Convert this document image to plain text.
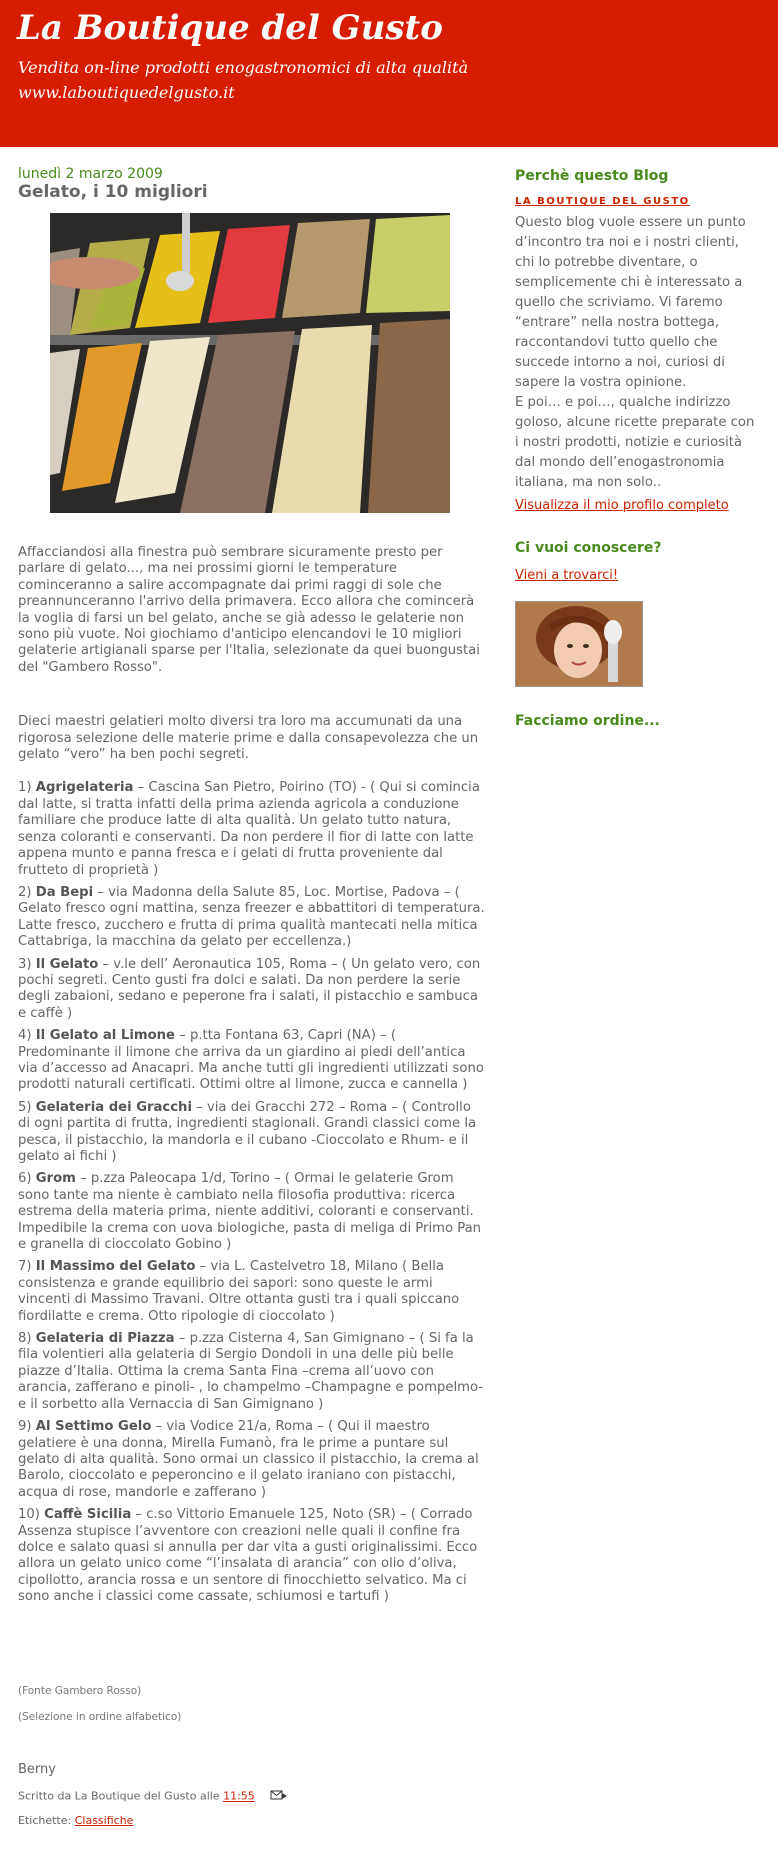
La Boutique del Gusto

Vendita on-line prodotti enogastronomici di alta qualità

www.laboutiquedelgusto.it

lunedì 2 marzo 2009

Gelato, i 10 migliori

Affacciandosi alla finestra può sembrare sicuramente presto per parlare di gelato..., ma nei prossimi giorni le temperature cominceranno a salire accompagnate dai primi raggi di sole che preannunceranno l'arrivo della primavera. Ecco allora che comincerà la voglia di farsi un bel gelato, anche se già adesso le gelaterie non sono più vuote. Noi giochiamo d'anticipo elencandovi le 10 migliori gelaterie artigianali sparse per l'Italia, selezionate da quei buongustai del "Gambero Rosso".

Dieci maestri gelatieri molto diversi tra loro ma accumunati da una rigorosa selezione delle materie prime e dalla consapevolezza che un gelato “vero” ha ben pochi segreti.

1) Agrigelateria – Cascina San Pietro, Poirino (TO) - ( Qui si comincia dal latte, si tratta infatti della prima azienda agricola a conduzione familiare che produce latte di alta qualità. Un gelato tutto natura, senza coloranti e conservanti. Da non perdere il fior di latte con latte appena munto e panna fresca e i gelati di frutta proveniente dal frutteto di proprietà )

2) Da Bepi – via Madonna della Salute 85, Loc. Mortise, Padova – ( Gelato fresco ogni mattina, senza freezer e abbattitori di temperatura. Latte fresco, zucchero e frutta di prima qualità mantecati nella mitica Cattabriga, la macchina da gelato per eccellenza.)

3) Il Gelato – v.le dell’ Aeronautica 105, Roma – ( Un gelato vero, con pochi segreti. Cento gusti fra dolci e salati. Da non perdere la serie degli zabaioni, sedano e peperone fra i salati, il pistacchio e sambuca e caffè )

4) Il Gelato al Limone – p.tta Fontana 63, Capri (NA) – ( Predominante il limone che arriva da un giardino ai piedi dell’antica via d’accesso ad Anacapri. Ma anche tutti gli ingredienti utilizzati sono prodotti naturali certificati. Ottimi oltre al limone, zucca e cannella )

5) Gelateria dei Gracchi – via dei Gracchi 272 – Roma – ( Controllo di ogni partita di frutta, ingredienti stagionali. Grandi classici come la pesca, il pistacchio, la mandorla e il cubano -Cioccolato e Rhum- e il gelato ai fichi )

6) Grom – p.zza Paleocapa 1/d, Torino – ( Ormai le gelaterie Grom sono tante ma niente è cambiato nella filosofia produttiva: ricerca estrema della materia prima, niente additivi, coloranti e conservanti. Impedibile la crema con uova biologiche, pasta di meliga di Primo Pan e granella di cioccolato Gobino )

7) Il Massimo del Gelato – via L. Castelvetro 18, Milano ( Bella consistenza e grande equilibrio dei sapori: sono queste le armi vincenti di Massimo Travani. Oltre ottanta gusti tra i quali spiccano fiordilatte e crema. Otto ripologie di cioccolato )

8) Gelateria di Piazza – p.zza Cisterna 4, San Gimignano – ( Si fa la fila volentieri alla gelateria di Sergio Dondoli in una delle più belle piazze d’Italia. Ottima la crema Santa Fina –crema all’uovo con arancia, zafferano e pinoli- , lo champelmo –Champagne e pompelmo- e il sorbetto alla Vernaccia di San Gimignano )

9) Al Settimo Gelo – via Vodice 21/a, Roma – ( Qui il maestro gelatiere è una donna, Mirella Fumanò, fra le prime a puntare sul gelato di alta qualità. Sono ormai un classico il pistacchio, la crema al Barolo, cioccolato e peperoncino e il gelato iraniano con pistacchi, acqua di rose, mandorle e zafferano )

10) Caffè Sicilia – c.so Vittorio Emanuele 125, Noto (SR) – ( Corrado Assenza stupisce l’avventore con creazioni nelle quali il confine fra dolce e salato quasi si annulla per dar vita a gusti originalissimi. Ecco allora un gelato unico come “l’insalata di arancia” con olio d’oliva, cipollotto, arancia rossa e un sentore di finocchietto selvatico. Ma ci sono anche i classici come cassate, schiumosi e tartufi )

(Fonte Gambero Rosso)

(Selezione in ordine alfabetico)

Berny

Scritto da La Boutique del Gusto alle 11:55
Etichette: Classifiche
Perchè questo Blog
LA BOUTIQUE DEL GUSTO

Questo blog vuole essere un punto d’incontro tra noi e i nostri clienti, chi lo potrebbe diventare, o semplicemente chi è interessato a quello che scriviamo. Vi faremo “entrare” nella nostra bottega, raccontandovi tutto quello che succede intorno a noi, curiosi di sapere la vostra opinione.

E poi… e poi…, qualche indirizzo goloso, alcune ricette preparate con i nostri prodotti, notizie e curiosità dal mondo dell’enogastronomia italiana, ma non solo..

Visualizza il mio profilo completo
Ci vuoi conoscere?
Vieni a trovarci!
Facciamo ordine...
